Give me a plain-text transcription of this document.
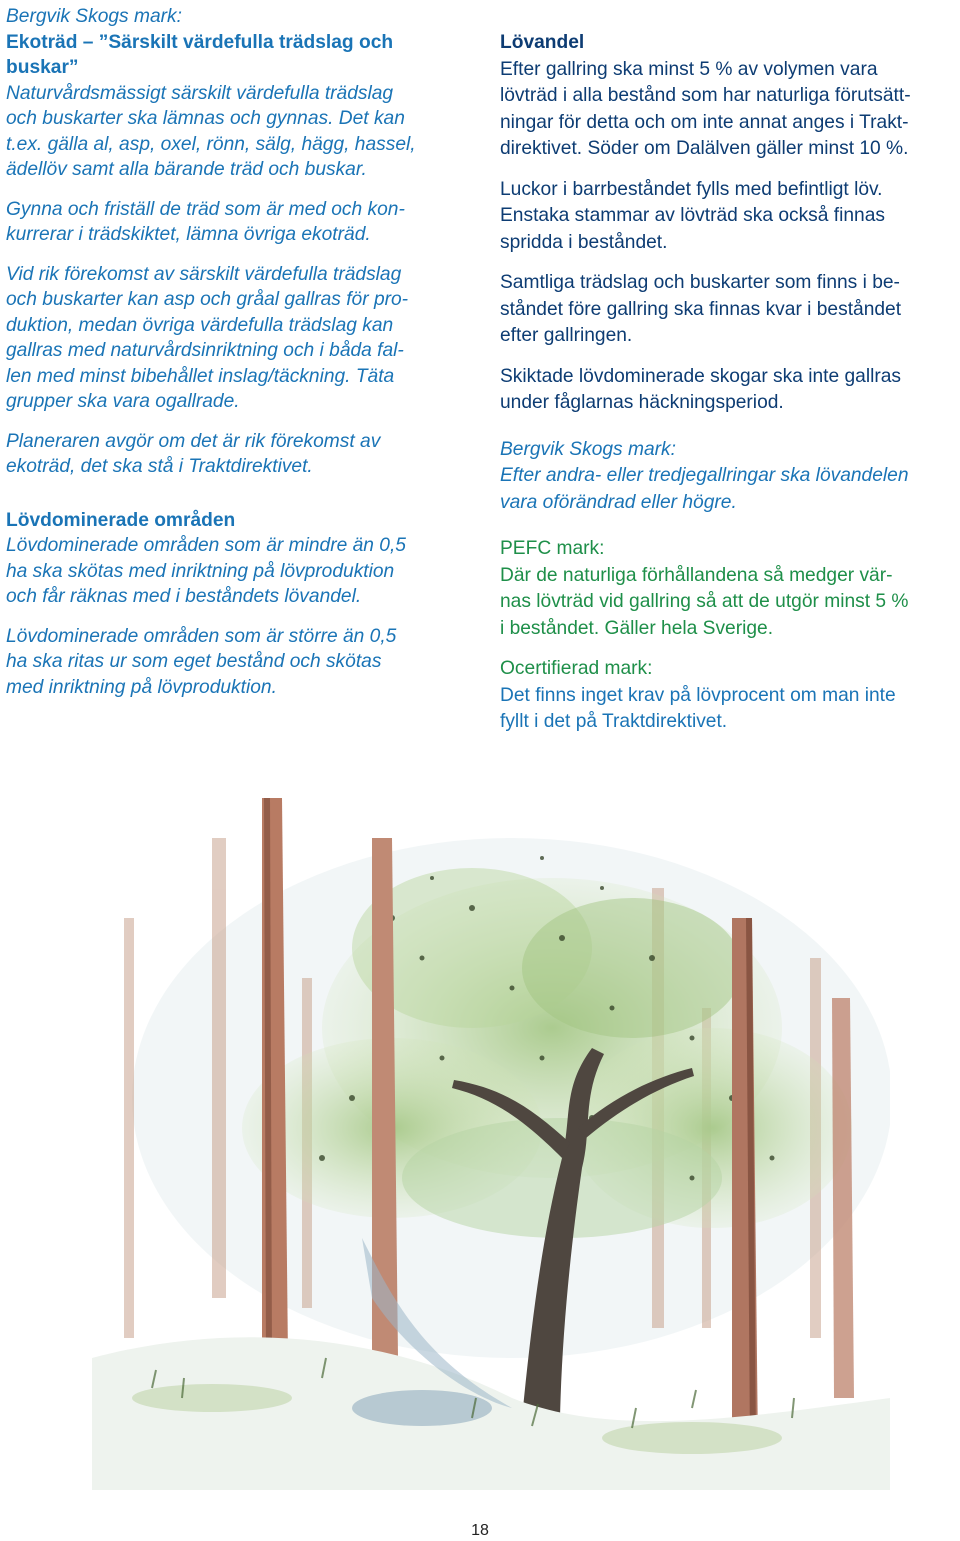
Bergvik Skogs mark:

Ekoträd – ”Särskilt värdefulla trädslag och

buskar”

Naturvårdsmässigt särskilt värdefulla trädslag

och buskarter ska lämnas och gynnas. Det kan

t.ex. gälla al, asp, oxel, rönn, sälg, hägg, hassel,

ädellöv samt alla bärande träd och buskar.

Gynna och friställ de träd som är med och kon-

kurrerar i trädskiktet, lämna övriga ekoträd.

Vid rik förekomst av särskilt värdefulla trädslag

och buskarter kan asp och gråal gallras för pro-

duktion, medan övriga värdefulla trädslag kan

gallras med naturvårdsinriktning och i båda fal-

len med minst bibehållet inslag/täckning. Täta

grupper ska vara ogallrade.

Planeraren avgör om det är rik förekomst av

ekoträd, det ska stå i Traktdirektivet.

Lövdominerade områden

Lövdominerade områden som är mindre än 0,5

ha ska skötas med inriktning på lövproduktion

och får räknas med i beståndets lövandel.

Lövdominerade områden som är större än 0,5

ha ska ritas ur som eget bestånd och skötas

med inriktning på lövproduktion.

Lövandel

Efter gallring ska minst 5 % av volymen vara

lövträd i alla bestånd som har naturliga förutsätt-

ningar för detta och om inte annat anges i Trakt-

direktivet. Söder om Dalälven gäller minst 10 %.

Luckor i barrbeståndet fylls med befintligt löv.

Enstaka stammar av lövträd ska också finnas

spridda i beståndet.

Samtliga trädslag och buskarter som finns i be-

ståndet före gallring ska finnas kvar i beståndet

efter gallringen.

Skiktade lövdominerade skogar ska inte gallras

under fåglarnas häckningsperiod.

Bergvik Skogs mark:

Efter andra- eller tredjegallringar ska lövandelen

vara oförändrad eller högre.

PEFC mark:

Där de naturliga förhållandena så medger vär-

nas lövträd vid gallring så att de utgör minst 5 %

i beståndet. Gäller hela Sverige.

Ocertifierad mark:

Det finns inget krav på lövprocent om man inte

fyllt i det på Traktdirektivet.

18
